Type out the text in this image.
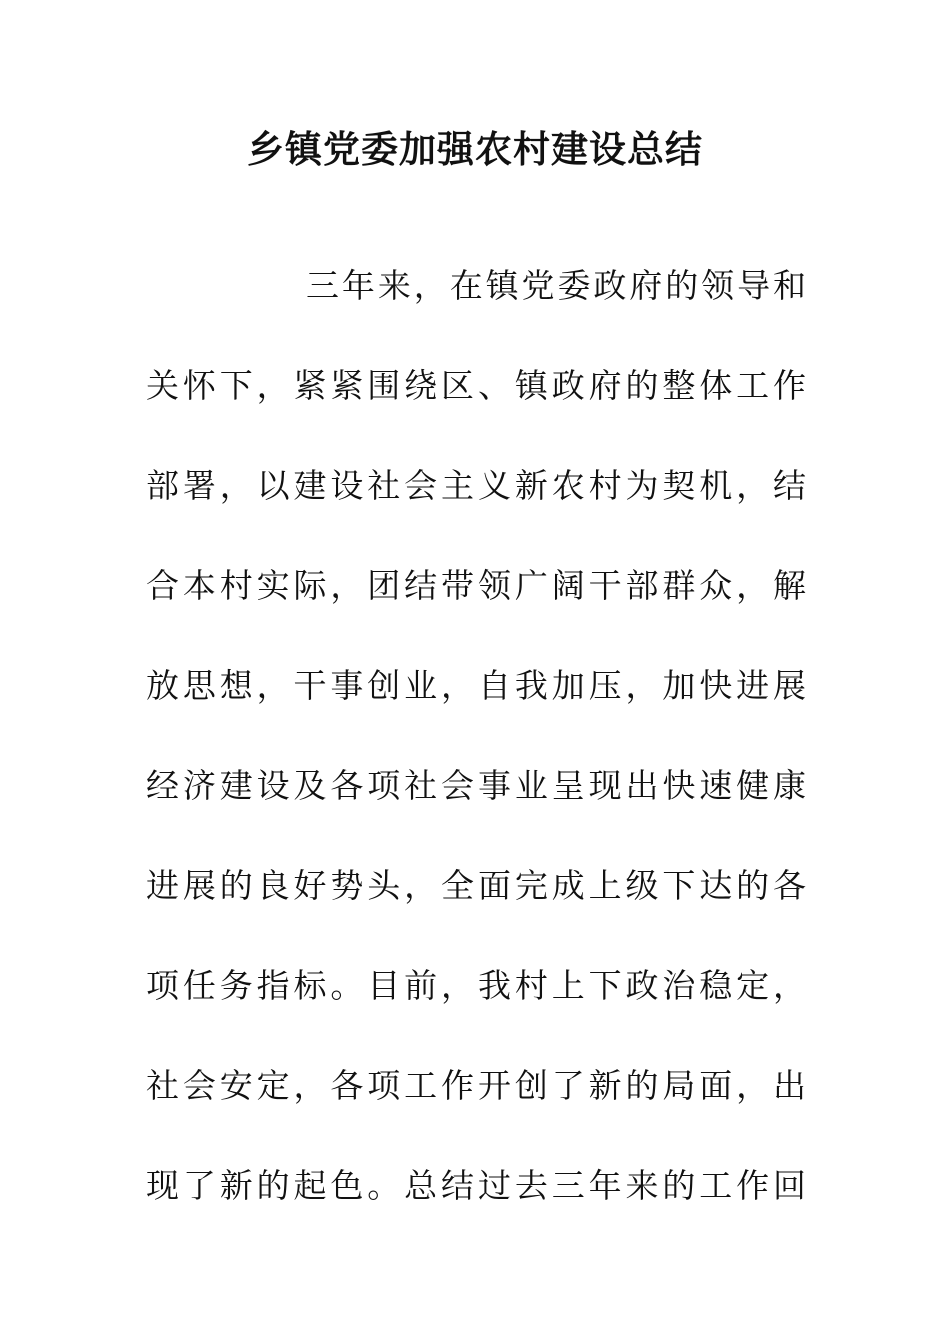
乡镇党委加强农村建设总结
三年来，在镇党委政府的领导和
关怀下，紧紧围绕区、镇政府的整体工作
部署，以建设社会主义新农村为契机，结
合本村实际，团结带领广阔干部群众，解
放思想，干事创业，自我加压，加快进展
经济建设及各项社会事业呈现出快速健康
进展的良好势头，全面完成上级下达的各
项任务指标。目前，我村上下政治稳定，
社会安定，各项工作开创了新的局面，出
现了新的起色。总结过去三年来的工作回
